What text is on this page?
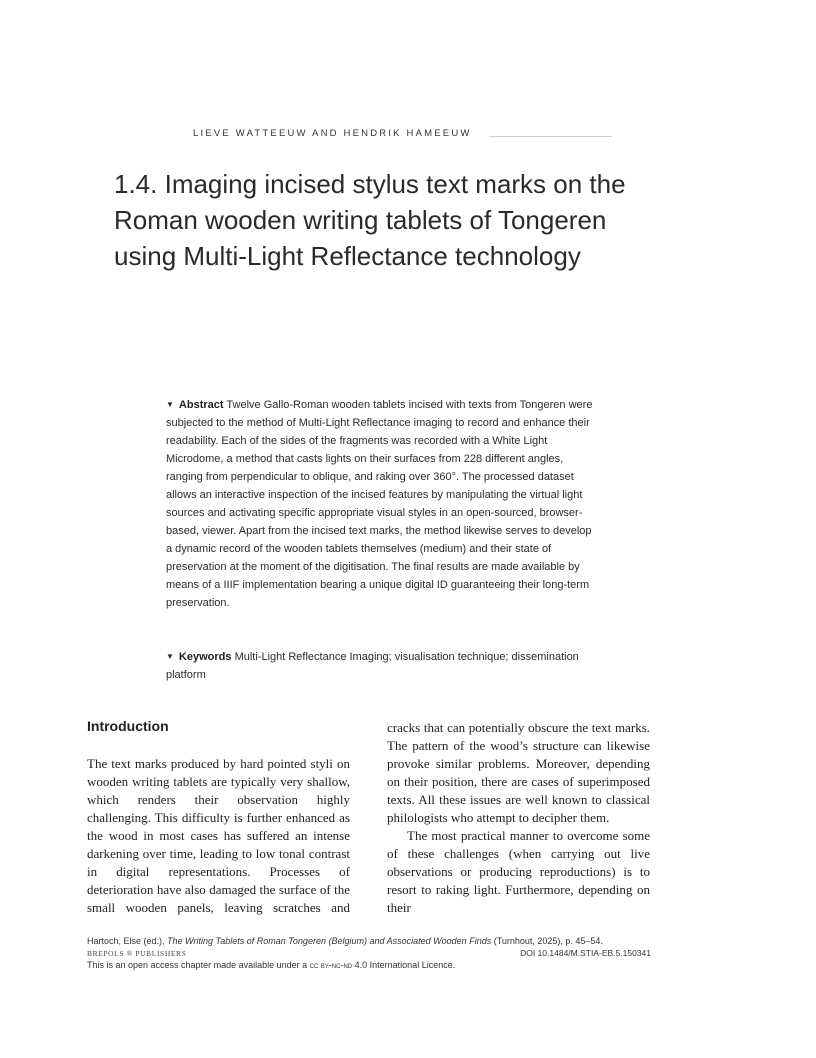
LIEVE WATTEEUW AND HENDRIK HAMEEUW
1.4. Imaging incised stylus text marks on the Roman wooden writing tablets of Tongeren using Multi-Light Reflectance technology

▼ Abstract Twelve Gallo-Roman wooden tablets incised with texts from Tongeren were subjected to the method of Multi-Light Reflectance imaging to record and enhance their readability. Each of the sides of the fragments was recorded with a White Light Microdome, a method that casts lights on their surfaces from 228 different angles, ranging from perpendicular to oblique, and raking over 360°. The processed dataset allows an interactive inspection of the incised features by manipulating the virtual light sources and activating specific appropriate visual styles in an open-sourced, browser-based, viewer. Apart from the incised text marks, the method likewise serves to develop a dynamic record of the wooden tablets themselves (medium) and their state of preservation at the moment of the digitisation. The final results are made available by means of a IIIF implementation bearing a unique digital ID guaranteeing their long-term preservation.

▼ Keywords Multi-Light Reflectance Imaging; visualisation technique; dissemination platform

Introduction

The text marks produced by hard pointed styli on wooden writing tablets are typically very shallow, which renders their observation highly challenging. This difficulty is further enhanced as the wood in most cases has suffered an intense darkening over time, leading to low tonal contrast in digital representations. Processes of deterioration have also damaged the surface of the small wooden panels, leaving scratches and

cracks that can potentially obscure the text marks. The pattern of the wood’s structure can likewise provoke similar problems. Moreover, depending on their position, there are cases of superimposed texts. All these issues are well known to classical philologists who attempt to decipher them.

The most practical manner to overcome some of these challenges (when carrying out live observations or producing reproductions) is to resort to raking light. Furthermore, depending on their

Hartoch, Else (ed.), The Writing Tablets of Roman Tongeren (Belgium) and Associated Wooden Finds (Turnhout, 2025), p. 45–54.
BREPOLS ® PUBLISHERS	DOI 10.1484/M.STIA-EB.5.150341
This is an open access chapter made available under a cc by-nc-nd 4.0 International Licence.
